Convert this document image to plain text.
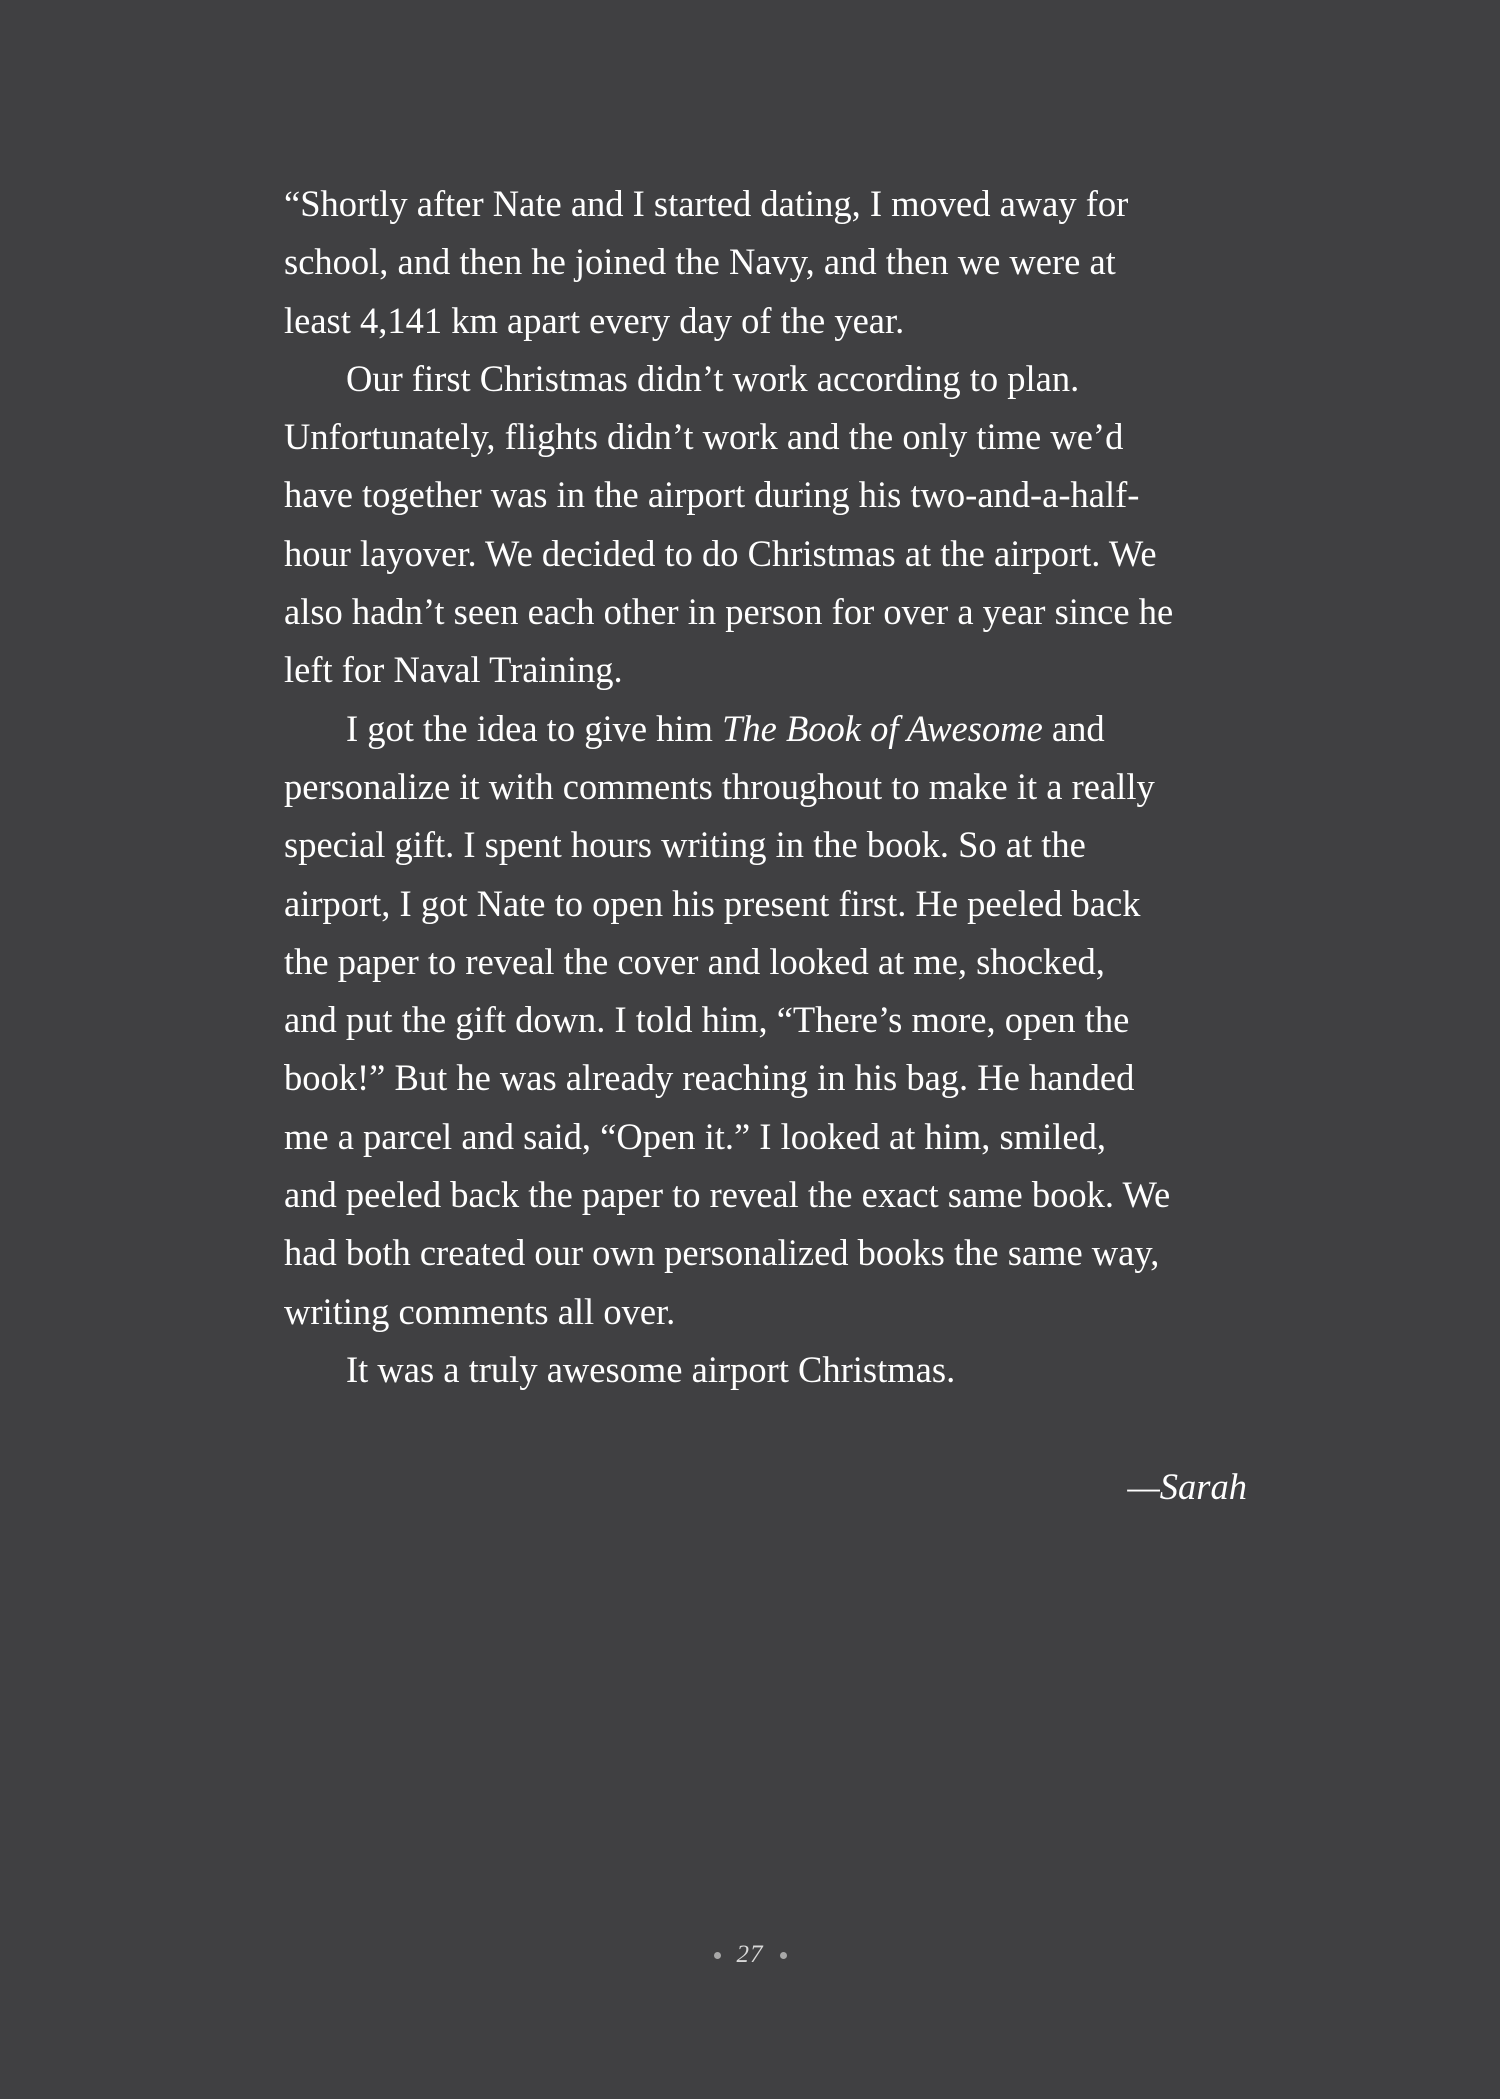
“Shortly after Nate and I started dating, I moved away for
school, and then he joined the Navy, and then we were at
least 4,141 km apart every day of the year.

Our first Christmas didn’t work according to plan.
Unfortunately, flights didn’t work and the only time we’d
have together was in the airport during his two-and-a-half-
hour layover. We decided to do Christmas at the airport. We
also hadn’t seen each other in person for over a year since he
left for Naval Training.

I got the idea to give him The Book of Awesome and
personalize it with comments throughout to make it a really
special gift. I spent hours writing in the book. So at the
airport, I got Nate to open his present first. He peeled back
the paper to reveal the cover and looked at me, shocked,
and put the gift down. I told him, “There’s more, open the
book!” But he was already reaching in his bag. He handed
me a parcel and said, “Open it.” I looked at him, smiled,
and peeled back the paper to reveal the exact same book. We
had both created our own personalized books the same way,
writing comments all over.

It was a truly awesome airport Christmas.

—Sarah
27
